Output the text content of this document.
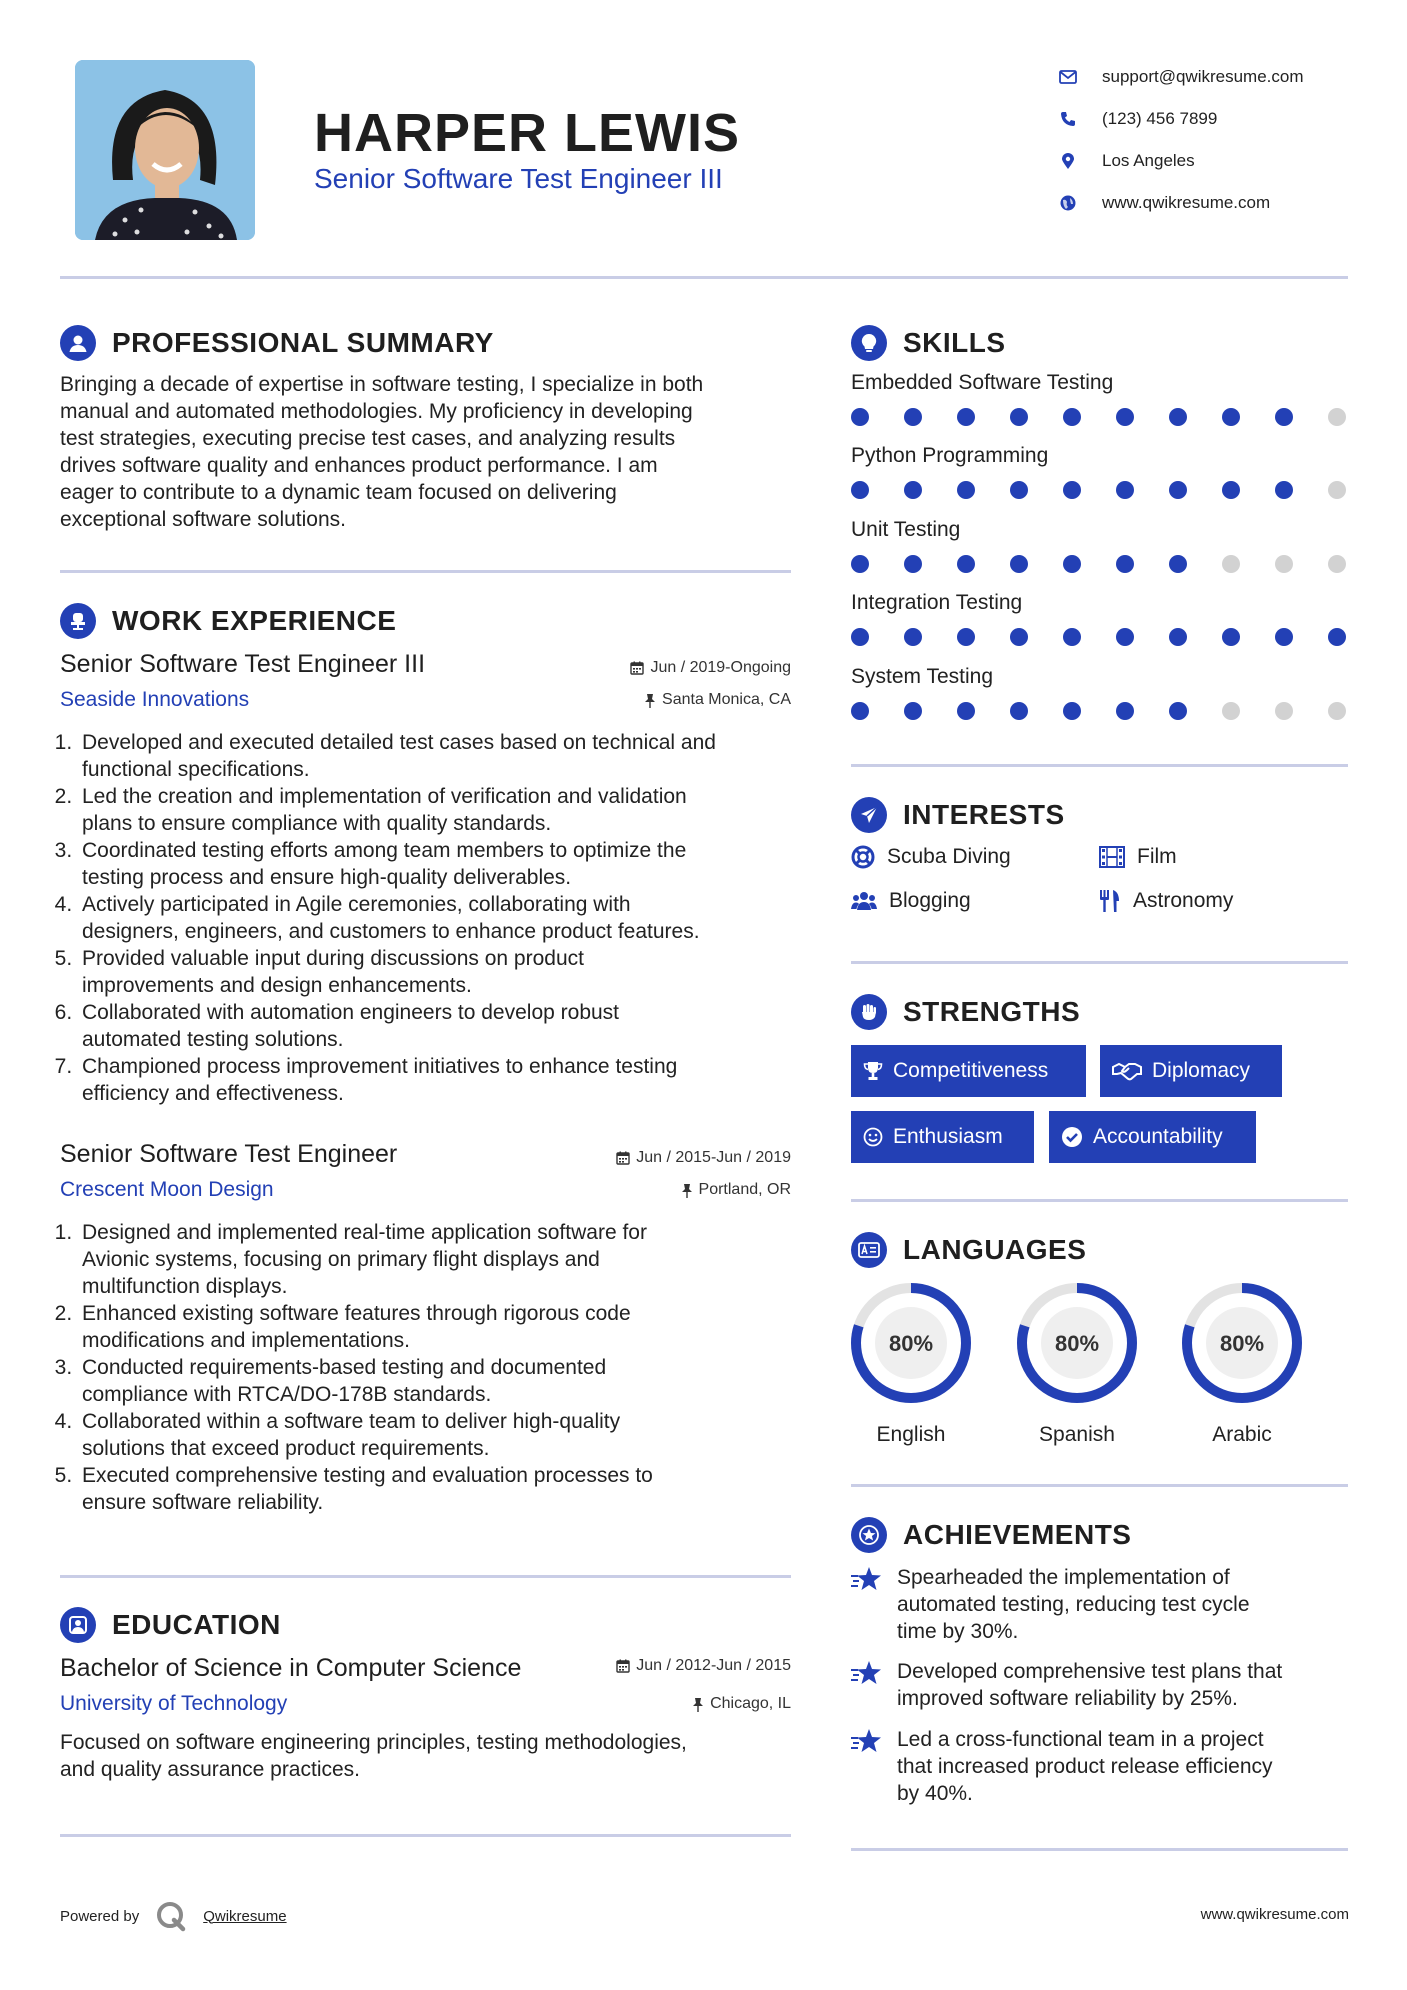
HARPER LEWIS
Senior Software Test Engineer III
support@qwikresume.com
(123) 456 7899
Los Angeles
www.qwikresume.com
PROFESSIONAL SUMMARY
Bringing a decade of expertise in software testing, I specialize in both
manual and automated methodologies. My proficiency in developing
test strategies, executing precise test cases, and analyzing results
drives software quality and enhances product performance. I am
eager to contribute to a dynamic team focused on delivering
exceptional software solutions.
WORK EXPERIENCE
Senior Software Test Engineer III	Jun / 2019-Ongoing
Seaside Innovations	Santa Monica, CA
1. Developed and executed detailed test cases based on technical and
functional specifications.
2. Led the creation and implementation of verification and validation
plans to ensure compliance with quality standards.
3. Coordinated testing efforts among team members to optimize the
testing process and ensure high-quality deliverables.
4. Actively participated in Agile ceremonies, collaborating with
designers, engineers, and customers to enhance product features.
5. Provided valuable input during discussions on product
improvements and design enhancements.
6. Collaborated with automation engineers to develop robust
automated testing solutions.
7. Championed process improvement initiatives to enhance testing
efficiency and effectiveness.
Senior Software Test Engineer	Jun / 2015-Jun / 2019
Crescent Moon Design	Portland, OR
1. Designed and implemented real-time application software for
Avionic systems, focusing on primary flight displays and
multifunction displays.
2. Enhanced existing software features through rigorous code
modifications and implementations.
3. Conducted requirements-based testing and documented
compliance with RTCA/DO-178B standards.
4. Collaborated within a software team to deliver high-quality
solutions that exceed product requirements.
5. Executed comprehensive testing and evaluation processes to
ensure software reliability.
EDUCATION
Bachelor of Science in Computer Science	Jun / 2012-Jun / 2015
University of Technology	Chicago, IL
Focused on software engineering principles, testing methodologies,
and quality assurance practices.
SKILLS
Embedded Software Testing
Python Programming
Unit Testing
Integration Testing
System Testing
INTERESTS
Scuba Diving	Film
Blogging	Astronomy
STRENGTHS
Competitiveness	Diplomacy
Enthusiasm	Accountability
LANGUAGES
80%
English
80%
Spanish
80%
Arabic
ACHIEVEMENTS
Spearheaded the implementation of
automated testing, reducing test cycle
time by 30%.
Developed comprehensive test plans that
improved software reliability by 25%.
Led a cross-functional team in a project
that increased product release efficiency
by 40%.
Powered by	Qwikresume	www.qwikresume.com
